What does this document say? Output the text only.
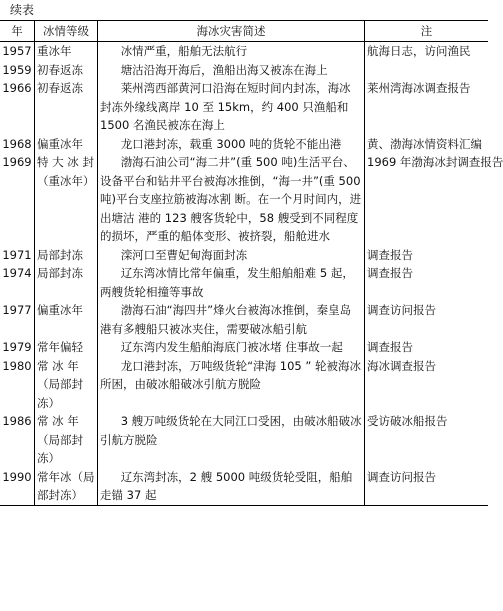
续表
年	冰情等级	海冰灾害简述	注
1957	重冰年	冰情严重，船舶无法航行	航海日志，访问渔民
1959	初春返冻	塘沽沿海开海后，渔船出海又被冻在海上	
1966	初春返冻	莱州湾西部黄河口沿海在短时间内封冻，海冰封冻外缘线离岸 10 至 15km，约 400 只渔船和 1500 名渔民被冻在海上	莱州湾海冰调查报告
1968	偏重冰年	龙口港封冻，载重 3000 吨的货轮不能出港	黄、渤海冰情资料汇编
1969	特 大 冰 封（重冰年）	渤海石油公司“海二井”(重 500 吨)生活平台、设备平台和钻井平台被海冰推倒，“海一井”(重 500 吨)平台支座拉筋被海冰割 断。在一个月时间内，进出塘沽 港的 123 艘客货轮中，58 艘受到不同程度的损坏，严重的船体变形、被挤裂，船舱进水	1969 年渤海冰封调查报告
1971	局部封冻	滦河口至曹妃甸海面封冻	调查报告
1974	局部封冻	辽东湾冰情比常年偏重，发生船舶船难 5 起，两艘货轮相撞等事故	调查报告
1977	偏重冰年	渤海石油“海四井”烽火台被海冰推倒，秦皇岛港有多艘船只被冰夹住，需要破冰船引航	调查访问报告
1979	常年偏轻	辽东湾内发生船舶海底门被冰堵 住事故一起	调查报告
1980	常 冰 年（局部封冻）	龙口港封冻，万吨级货轮“津海 105 ” 轮被海冰所困，由破冰船破冰引航方脱险	海冰调查报告
1986	常 冰 年（局部封冻）	3 艘万吨级货轮在大同江口受困，由破冰船破冰引航方脱险	受访破冰船报告
1990	常年冰（局部封冻）	辽东湾封冻，2 艘 5000 吨级货轮受阻，船舶走锚 37 起	调查访问报告
